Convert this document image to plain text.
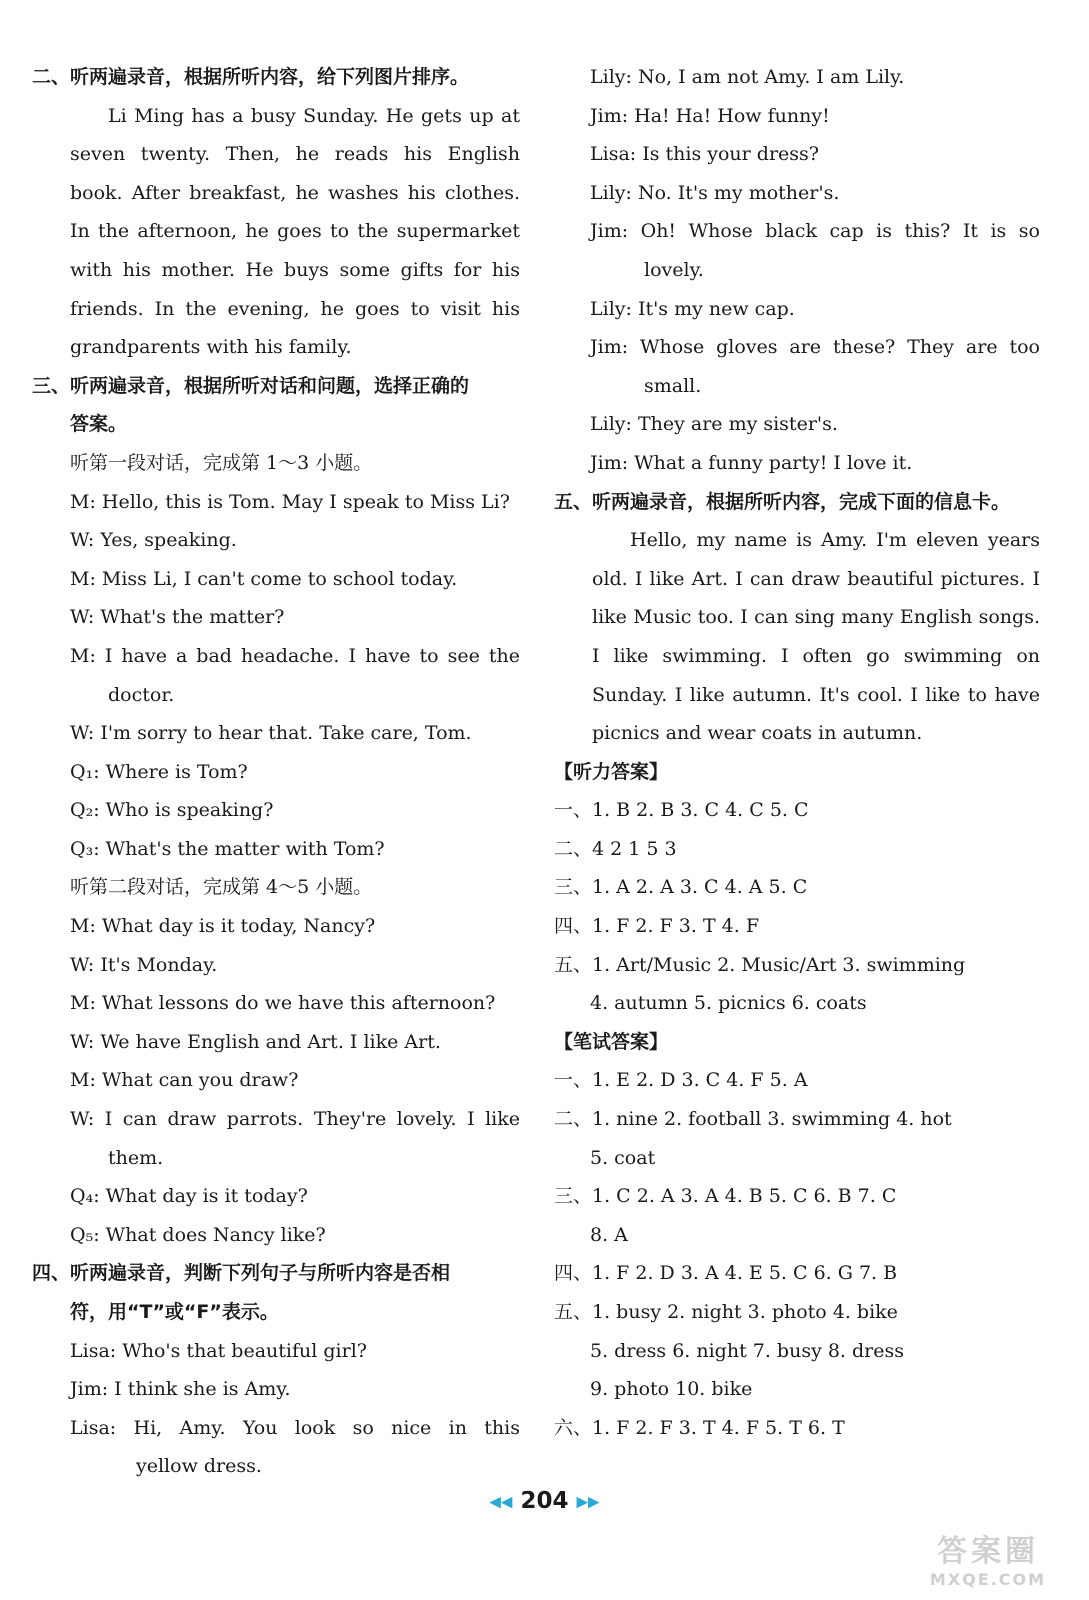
二、听两遍录音，根据所听内容，给下列图片排序。
Li Ming has a busy Sunday. He gets up at
seven twenty. Then, he reads his English
book. After breakfast, he washes his clothes.
In the afternoon, he goes to the supermarket
with his mother. He buys some gifts for his
friends. In the evening, he goes to visit his
grandparents with his family.
三、听两遍录音，根据所听对话和问题，选择正确的
答案。
听第一段对话，完成第 1～3 小题。
M: Hello, this is Tom. May I speak to Miss Li?
W: Yes, speaking.
M: Miss Li, I can't come to school today.
W: What's the matter?
M: I have a bad headache. I have to see the
doctor.
W: I'm sorry to hear that. Take care, Tom.
Q₁: Where is Tom?
Q₂: Who is speaking?
Q₃: What's the matter with Tom?
听第二段对话，完成第 4～5 小题。
M: What day is it today, Nancy?
W: It's Monday.
M: What lessons do we have this afternoon?
W: We have English and Art. I like Art.
M: What can you draw?
W: I can draw parrots. They're lovely. I like
them.
Q₄: What day is it today?
Q₅: What does Nancy like?
四、听两遍录音，判断下列句子与所听内容是否相
符，用“T”或“F”表示。
Lisa: Who's that beautiful girl?
Jim: I think she is Amy.
Lisa: Hi, Amy. You look so nice in this
yellow dress.
Lily: No, I am not Amy. I am Lily.
Jim: Ha! Ha! How funny!
Lisa: Is this your dress?
Lily: No. It's my mother's.
Jim: Oh! Whose black cap is this? It is so
lovely.
Lily: It's my new cap.
Jim: Whose gloves are these? They are too
small.
Lily: They are my sister's.
Jim: What a funny party! I love it.
五、听两遍录音，根据所听内容，完成下面的信息卡。
Hello, my name is Amy. I'm eleven years
old. I like Art. I can draw beautiful pictures. I
like Music too. I can sing many English songs.
I like swimming. I often go swimming on
Sunday. I like autumn. It's cool. I like to have
picnics and wear coats in autumn.
【听力答案】
一、1. B 2. B 3. C 4. C 5. C
二、4 2 1 5 3
三、1. A 2. A 3. C 4. A 5. C
四、1. F 2. F 3. T 4. F
五、1. Art/Music 2. Music/Art 3. swimming
4. autumn 5. picnics 6. coats
【笔试答案】
一、1. E 2. D 3. C 4. F 5. A
二、1. nine 2. football 3. swimming 4. hot
5. coat
三、1. C 2. A 3. A 4. B 5. C 6. B 7. C
8. A
四、1. F 2. D 3. A 4. E 5. C 6. G 7. B
五、1. busy 2. night 3. photo 4. bike
5. dress 6. night 7. busy 8. dress
9. photo 10. bike
六、1. F 2. F 3. T 4. F 5. T 6. T
◀◀ 204 ▶▶
答案圈
MXQE.COM
